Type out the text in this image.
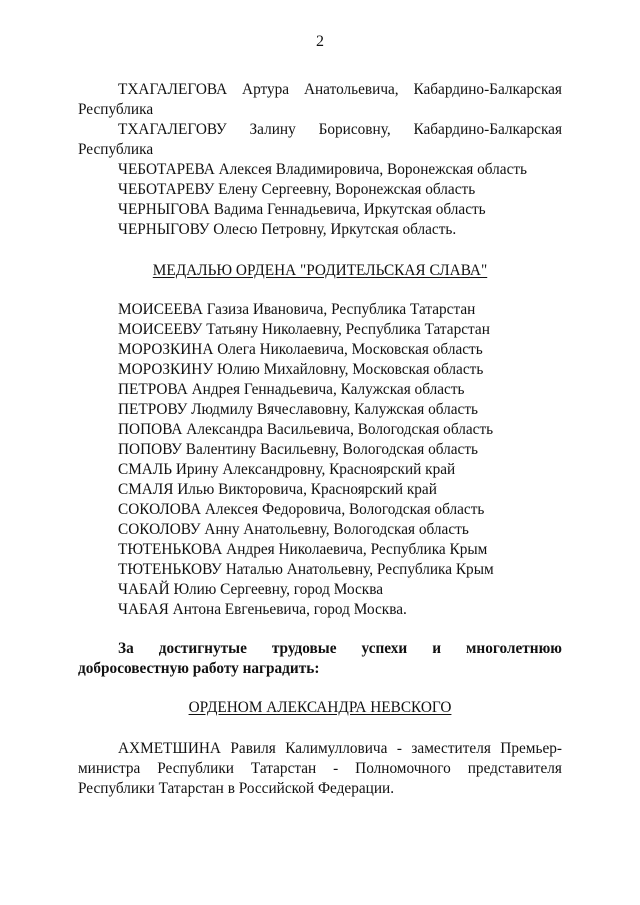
2
ТХАГАЛЕГОВА Артура Анатольевича, Кабардино-Балкарская
Республика
ТХАГАЛЕГОВУ Залину Борисовну, Кабардино-Балкарская
Республика
ЧЕБОТАРЕВА Алексея Владимировича, Воронежская область
ЧЕБОТАРЕВУ Елену Сергеевну, Воронежская область
ЧЕРНЫГОВА Вадима Геннадьевича, Иркутская область
ЧЕРНЫГОВУ Олесю Петровну, Иркутская область.
МЕДАЛЬЮ ОРДЕНА "РОДИТЕЛЬСКАЯ СЛАВА"
МОИСЕЕВА Газиза Ивановича, Республика Татарстан
МОИСЕЕВУ Татьяну Николаевну, Республика Татарстан
МОРОЗКИНА Олега Николаевича, Московская область
МОРОЗКИНУ Юлию Михайловну, Московская область
ПЕТРОВА Андрея Геннадьевича, Калужская область
ПЕТРОВУ Людмилу Вячеславовну, Калужская область
ПОПОВА Александра Васильевича, Вологодская область
ПОПОВУ Валентину Васильевну, Вологодская область
СМАЛЬ Ирину Александровну, Красноярский край
СМАЛЯ Илью Викторовича, Красноярский край
СОКОЛОВА Алексея Федоровича, Вологодская область
СОКОЛОВУ Анну Анатольевну, Вологодская область
ТЮТЕНЬКОВА Андрея Николаевича, Республика Крым
ТЮТЕНЬКОВУ Наталью Анатольевну, Республика Крым
ЧАБАЙ Юлию Сергеевну, город Москва
ЧАБАЯ Антона Евгеньевича, город Москва.
За достигнутые трудовые успехи и многолетнюю
добросовестную работу наградить:
ОРДЕНОМ АЛЕКСАНДРА НЕВСКОГО
АХМЕТШИНА Равиля Калимулловича - заместителя Премьер-
министра Республики Татарстан - Полномочного представителя
Республики Татарстан в Российской Федерации.
